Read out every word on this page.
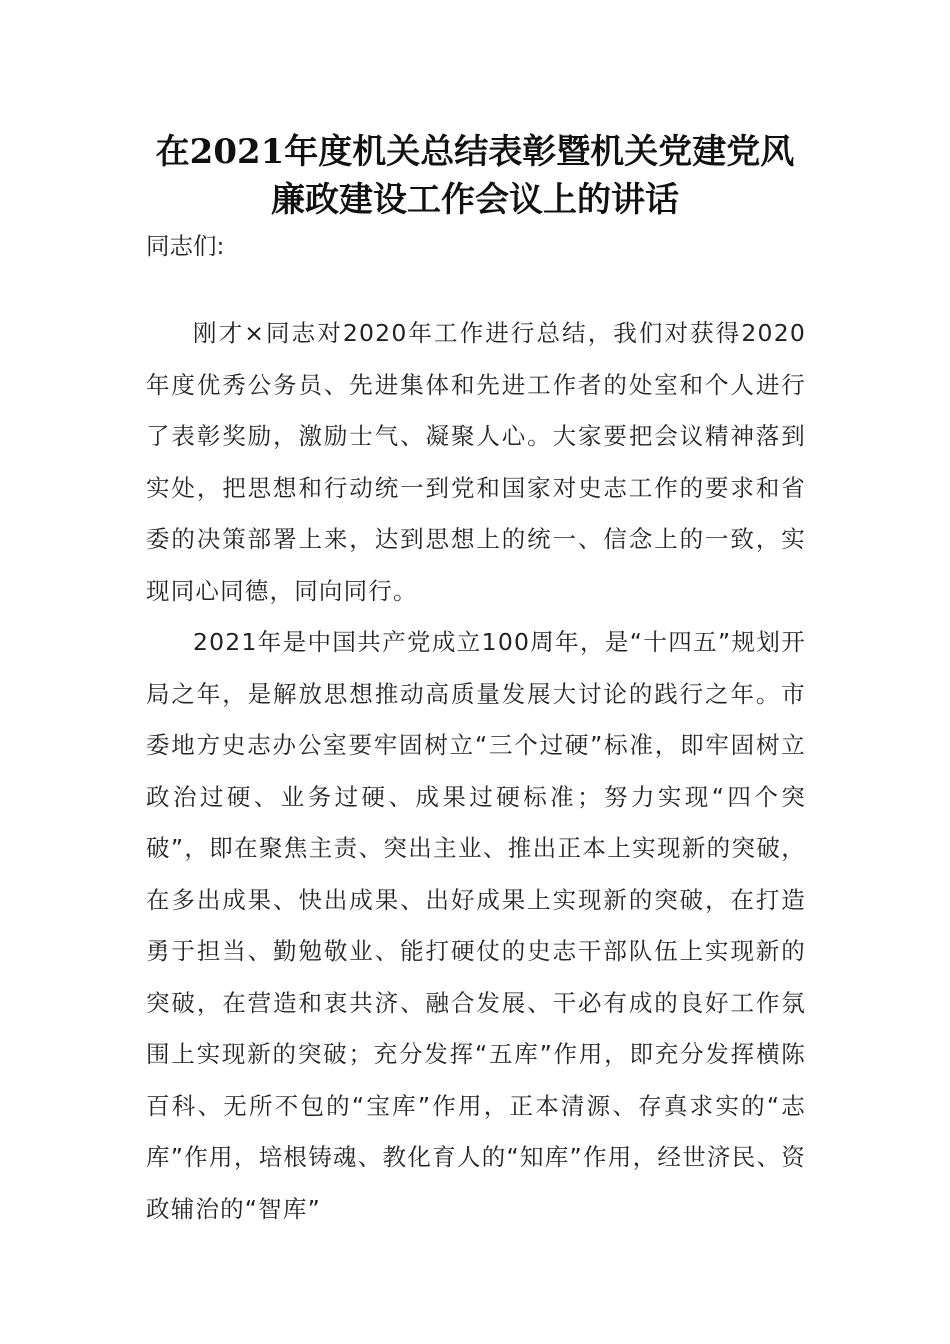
在2021年度机关总结表彰暨机关党建党风
廉政建设工作会议上的讲话

同志们:

刚才×同志对2020年工作进行总结，我们对获得2020年度优秀公务员、先进集体和先进工作者的处室和个人进行了表彰奖励，激励士气、凝聚人心。大家要把会议精神落到实处，把思想和行动统一到党和国家对史志工作的要求和省委的决策部署上来，达到思想上的统一、信念上的一致，实现同心同德，同向同行。

2021年是中国共产党成立100周年，是“十四五”规划开局之年，是解放思想推动高质量发展大讨论的践行之年。市委地方史志办公室要牢固树立“三个过硬”标准，即牢固树立政治过硬、业务过硬、成果过硬标准；努力实现“四个突破”，即在聚焦主责、突出主业、推出正本上实现新的突破，在多出成果、快出成果、出好成果上实现新的突破，在打造勇于担当、勤勉敬业、能打硬仗的史志干部队伍上实现新的突破，在营造和衷共济、融合发展、干必有成的良好工作氛围上实现新的突破；充分发挥“五库”作用，即充分发挥横陈百科、无所不包的“宝库”作用，正本清源、存真求实的“志库”作用，培根铸魂、教化育人的“知库”作用，经世济民、资政辅治的“智库”
